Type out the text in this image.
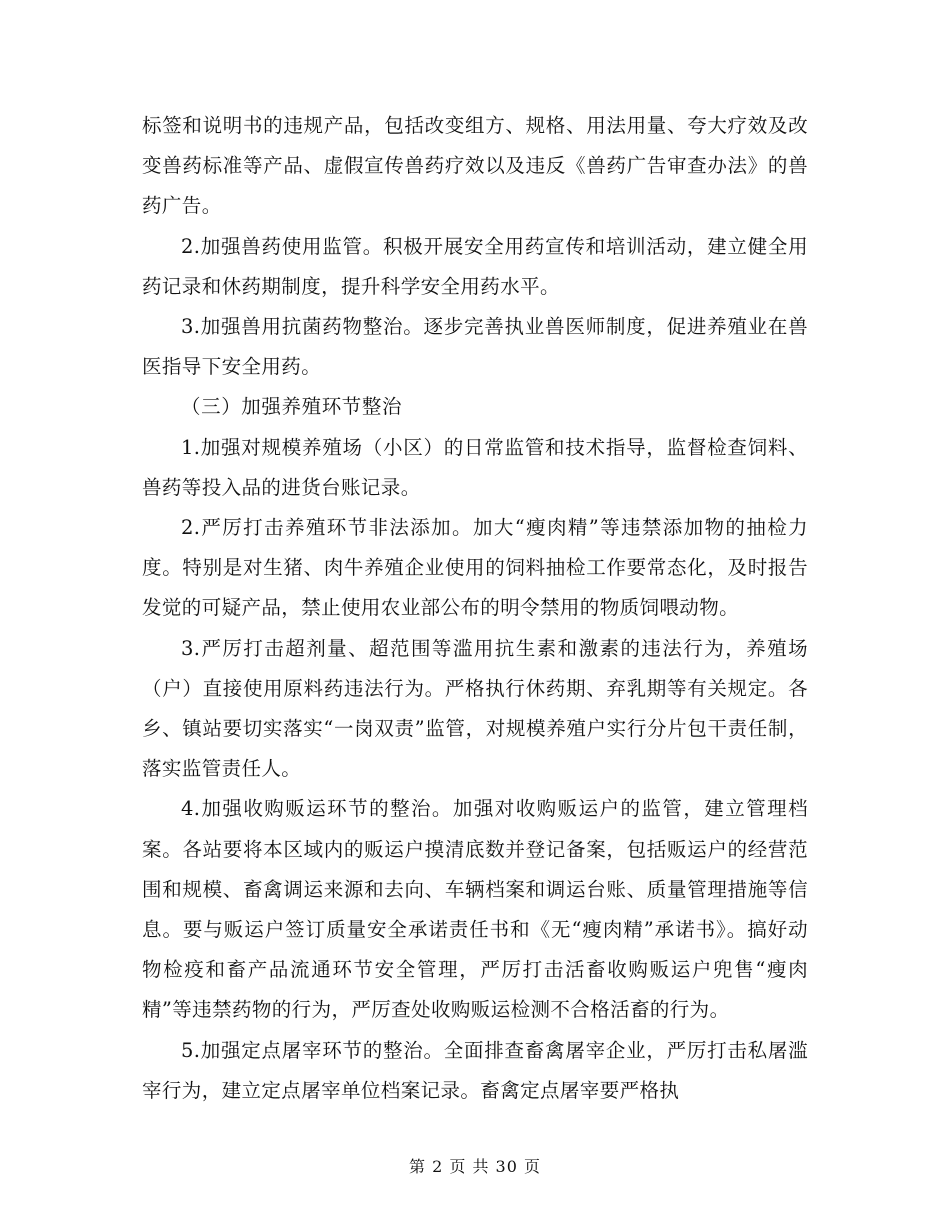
标签和说明书的违规产品，包括改变组方、规格、用法用量、夸大疗效及改变兽药标准等产品、虚假宣传兽药疗效以及违反《兽药广告审查办法》的兽药广告。

2.加强兽药使用监管。积极开展安全用药宣传和培训活动，建立健全用药记录和休药期制度，提升科学安全用药水平。

3.加强兽用抗菌药物整治。逐步完善执业兽医师制度，促进养殖业在兽医指导下安全用药。

（三）加强养殖环节整治

1.加强对规模养殖场（小区）的日常监管和技术指导，监督检查饲料、兽药等投入品的进货台账记录。

2.严厉打击养殖环节非法添加。加大“瘦肉精”等违禁添加物的抽检力度。特别是对生猪、肉牛养殖企业使用的饲料抽检工作要常态化，及时报告发觉的可疑产品，禁止使用农业部公布的明令禁用的物质饲喂动物。

3.严厉打击超剂量、超范围等滥用抗生素和激素的违法行为，养殖场（户）直接使用原料药违法行为。严格执行休药期、弃乳期等有关规定。各乡、镇站要切实落实“一岗双责”监管，对规模养殖户实行分片包干责任制，落实监管责任人。

4.加强收购贩运环节的整治。加强对收购贩运户的监管，建立管理档案。各站要将本区域内的贩运户摸清底数并登记备案，包括贩运户的经营范围和规模、畜禽调运来源和去向、车辆档案和调运台账、质量管理措施等信息。要与贩运户签订质量安全承诺责任书和《无“瘦肉精”承诺书》。搞好动物检疫和畜产品流通环节安全管理，严厉打击活畜收购贩运户兜售“瘦肉精”等违禁药物的行为，严厉查处收购贩运检测不合格活畜的行为。

5.加强定点屠宰环节的整治。全面排查畜禽屠宰企业，严厉打击私屠滥宰行为，建立定点屠宰单位档案记录。畜禽定点屠宰要严格执

第 2 页 共 30 页
